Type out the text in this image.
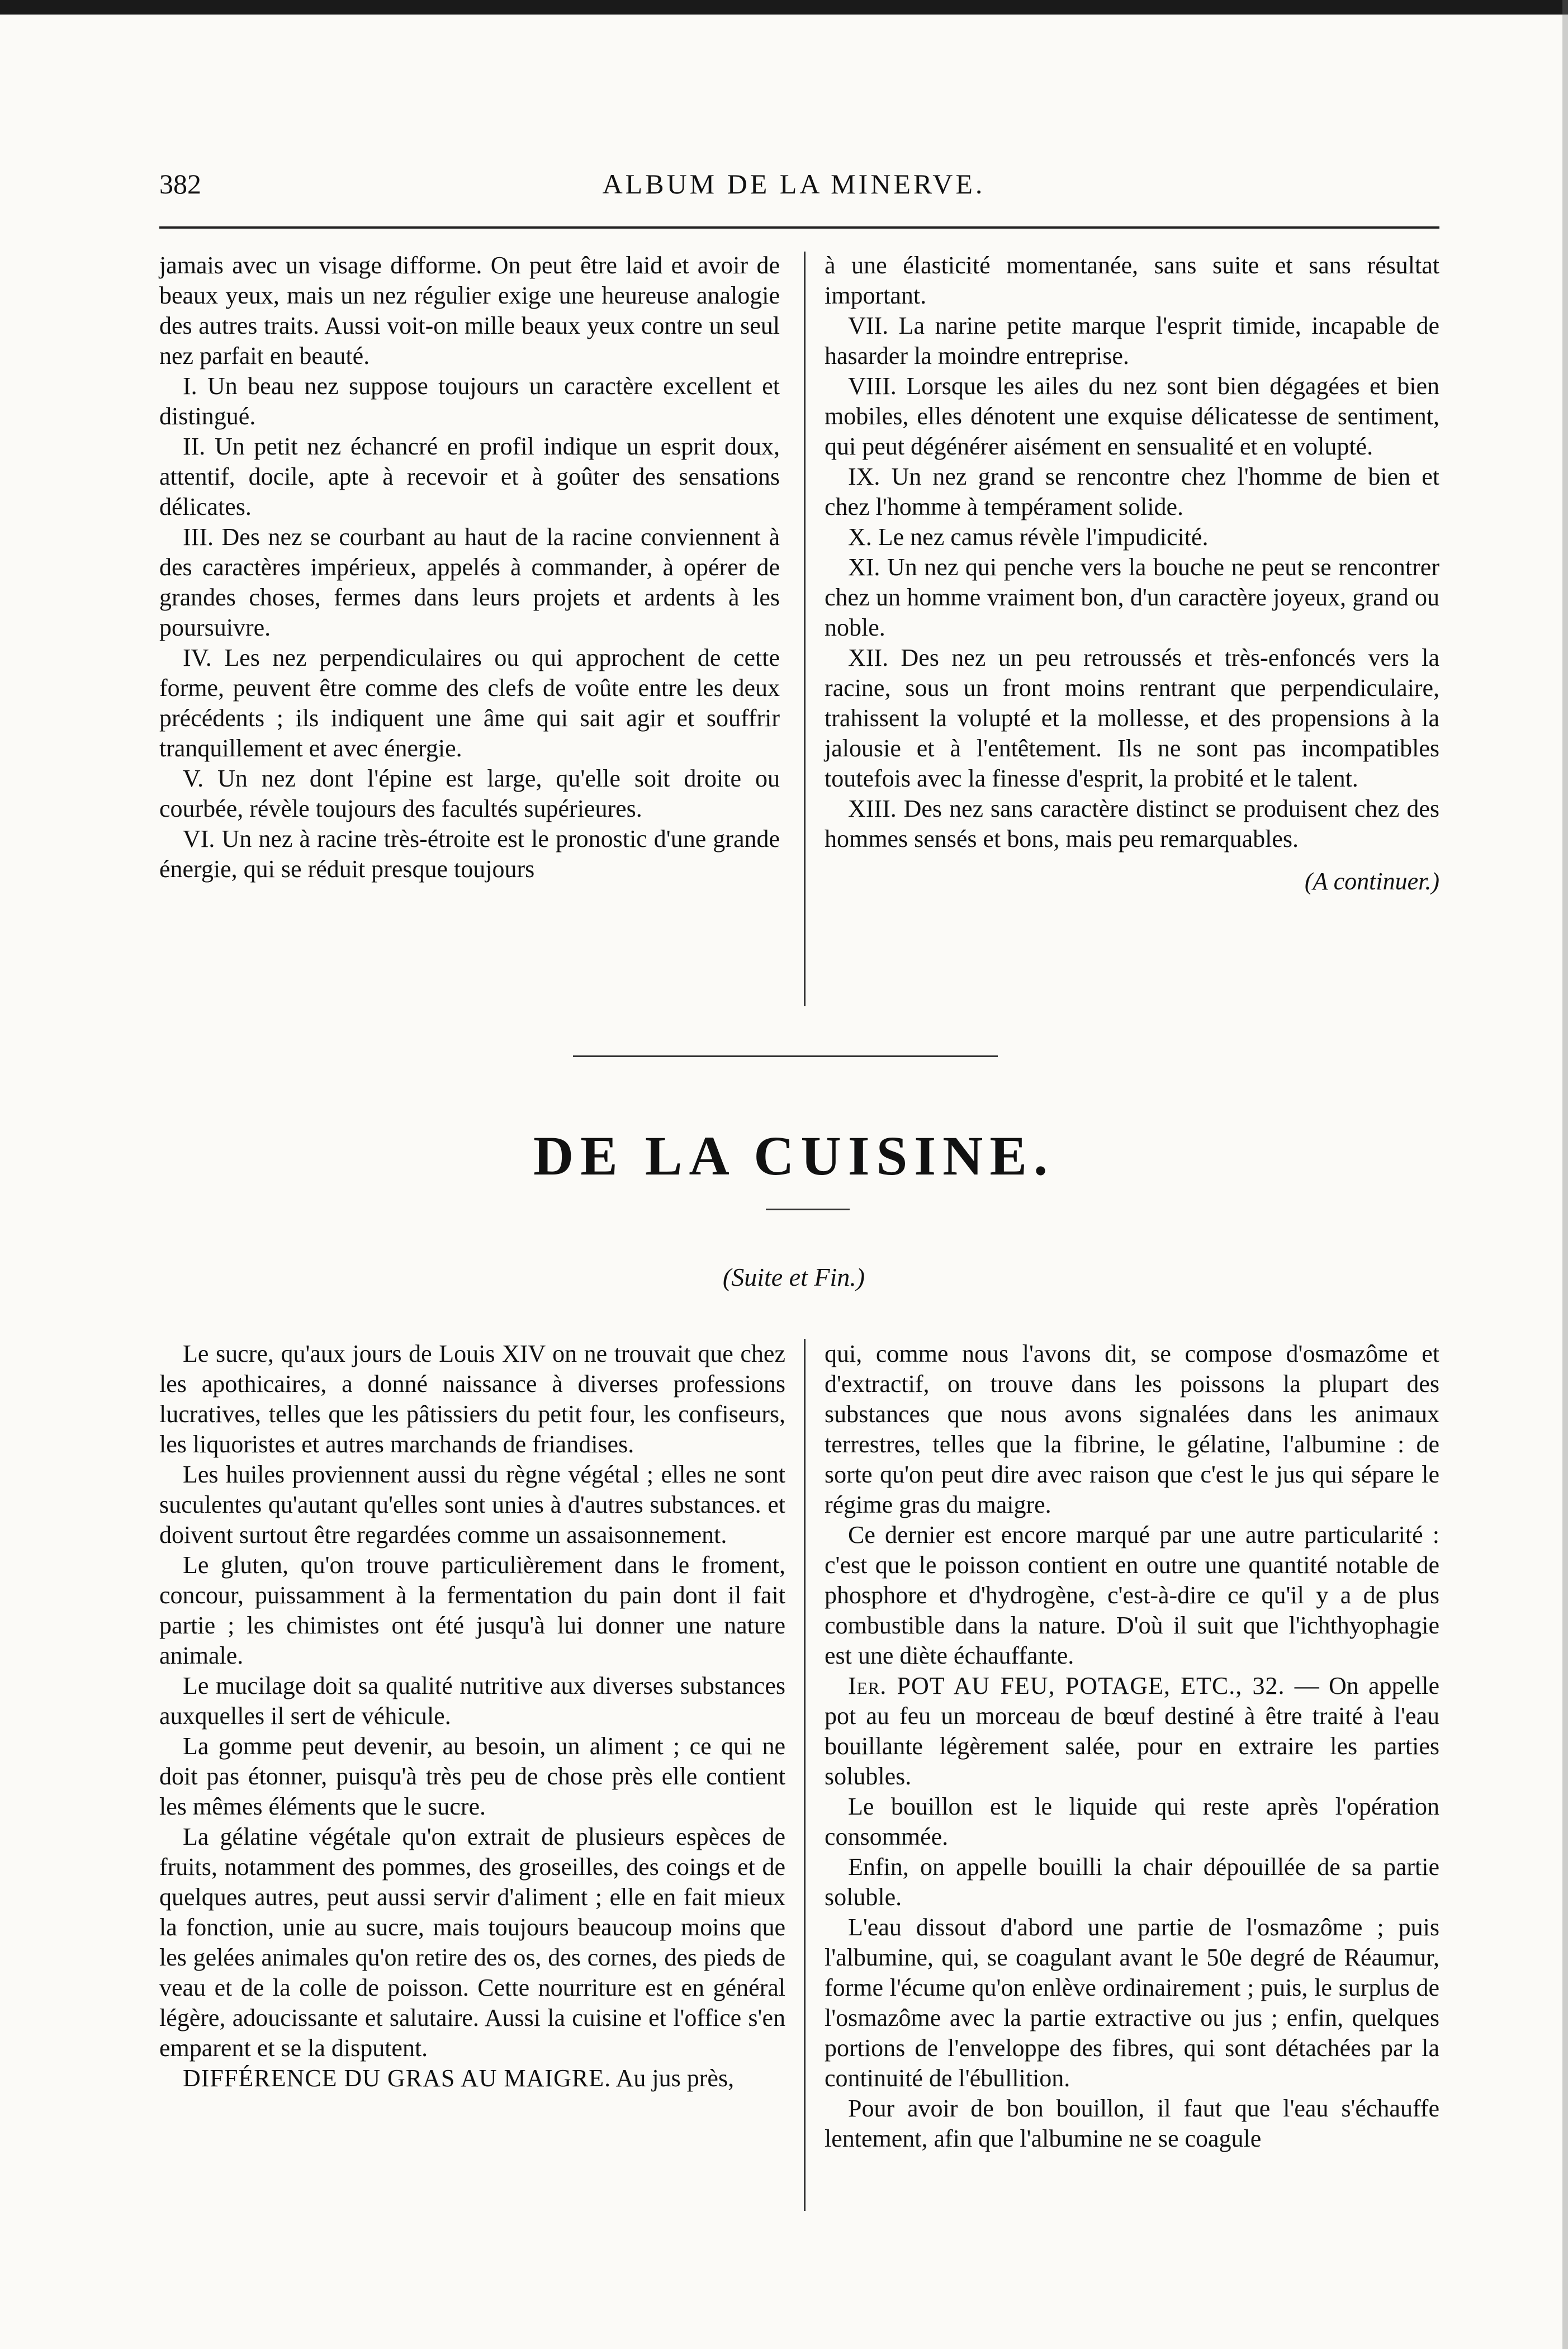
382	ALBUM DE LA MINERVE.

jamais avec un visage difforme. On peut être laid et avoir de beaux yeux, mais un nez régulier exige une heureuse analogie des autres traits. Aussi voit-on mille beaux yeux contre un seul nez parfait en beauté.

I. Un beau nez suppose toujours un caractère excellent et distingué.

II. Un petit nez échancré en profil indique un esprit doux, attentif, docile, apte à recevoir et à goûter des sensations délicates.

III. Des nez se courbant au haut de la racine conviennent à des caractères impérieux, appelés à commander, à opérer de grandes choses, fermes dans leurs projets et ardents à les poursuivre.

IV. Les nez perpendiculaires ou qui approchent de cette forme, peuvent être comme des clefs de voûte entre les deux précédents ; ils indiquent une âme qui sait agir et souffrir tranquillement et avec énergie.

V. Un nez dont l'épine est large, qu'elle soit droite ou courbée, révèle toujours des facultés supérieures.

VI. Un nez à racine très-étroite est le pronostic d'une grande énergie, qui se réduit presque toujours

à une élasticité momentanée, sans suite et sans résultat important.

VII. La narine petite marque l'esprit timide, incapable de hasarder la moindre entreprise.

VIII. Lorsque les ailes du nez sont bien dégagées et bien mobiles, elles dénotent une exquise délicatesse de sentiment, qui peut dégénérer aisément en sensualité et en volupté.

IX. Un nez grand se rencontre chez l'homme de bien et chez l'homme à tempérament solide.

X. Le nez camus révèle l'impudicité.

XI. Un nez qui penche vers la bouche ne peut se rencontrer chez un homme vraiment bon, d'un caractère joyeux, grand ou noble.

XII. Des nez un peu retroussés et très-enfoncés vers la racine, sous un front moins rentrant que perpendiculaire, trahissent la volupté et la mollesse, et des propensions à la jalousie et à l'entêtement. Ils ne sont pas incompatibles toutefois avec la finesse d'esprit, la probité et le talent.

XIII. Des nez sans caractère distinct se produisent chez des hommes sensés et bons, mais peu remarquables.

(A continuer.)

DE LA CUISINE.
(Suite et Fin.)

Le sucre, qu'aux jours de Louis XIV on ne trouvait que chez les apothicaires, a donné naissance à diverses professions lucratives, telles que les pâtissiers du petit four, les confiseurs, les liquoristes et autres marchands de friandises.

Les huiles proviennent aussi du règne végétal ; elles ne sont suculentes qu'autant qu'elles sont unies à d'autres substances. et doivent surtout être regardées comme un assaisonnement.

Le gluten, qu'on trouve particulièrement dans le froment, concour, puissamment à la fermentation du pain dont il fait partie ; les chimistes ont été jusqu'à lui donner une nature animale.

Le mucilage doit sa qualité nutritive aux diverses substances auxquelles il sert de véhicule.

La gomme peut devenir, au besoin, un aliment ; ce qui ne doit pas étonner, puisqu'à très peu de chose près elle contient les mêmes éléments que le sucre.

La gélatine végétale qu'on extrait de plusieurs espèces de fruits, notamment des pommes, des groseilles, des coings et de quelques autres, peut aussi servir d'aliment ; elle en fait mieux la fonction, unie au sucre, mais toujours beaucoup moins que les gelées animales qu'on retire des os, des cornes, des pieds de veau et de la colle de poisson. Cette nourriture est en général légère, adoucissante et salutaire. Aussi la cuisine et l'office s'en emparent et se la disputent.

DIFFÉRENCE DU GRAS AU MAIGRE. Au jus près,

qui, comme nous l'avons dit, se compose d'osmazôme et d'extractif, on trouve dans les poissons la plupart des substances que nous avons signalées dans les animaux terrestres, telles que la fibrine, le gélatine, l'albumine : de sorte qu'on peut dire avec raison que c'est le jus qui sépare le régime gras du maigre.

Ce dernier est encore marqué par une autre particularité : c'est que le poisson contient en outre une quantité notable de phosphore et d'hydrogène, c'est-à-dire ce qu'il y a de plus combustible dans la nature. D'où il suit que l'ichthyophagie est une diète échauffante.

Ier. POT AU FEU, POTAGE, ETC., 32. — On appelle pot au feu un morceau de bœuf destiné à être traité à l'eau bouillante légèrement salée, pour en extraire les parties solubles.

Le bouillon est le liquide qui reste après l'opération consommée.

Enfin, on appelle bouilli la chair dépouillée de sa partie soluble.

L'eau dissout d'abord une partie de l'osmazôme ; puis l'albumine, qui, se coagulant avant le 50e degré de Réaumur, forme l'écume qu'on enlève ordinairement ; puis, le surplus de l'osmazôme avec la partie extractive ou jus ; enfin, quelques portions de l'enveloppe des fibres, qui sont détachées par la continuité de l'ébullition.

Pour avoir de bon bouillon, il faut que l'eau s'échauffe lentement, afin que l'albumine ne se coagule
